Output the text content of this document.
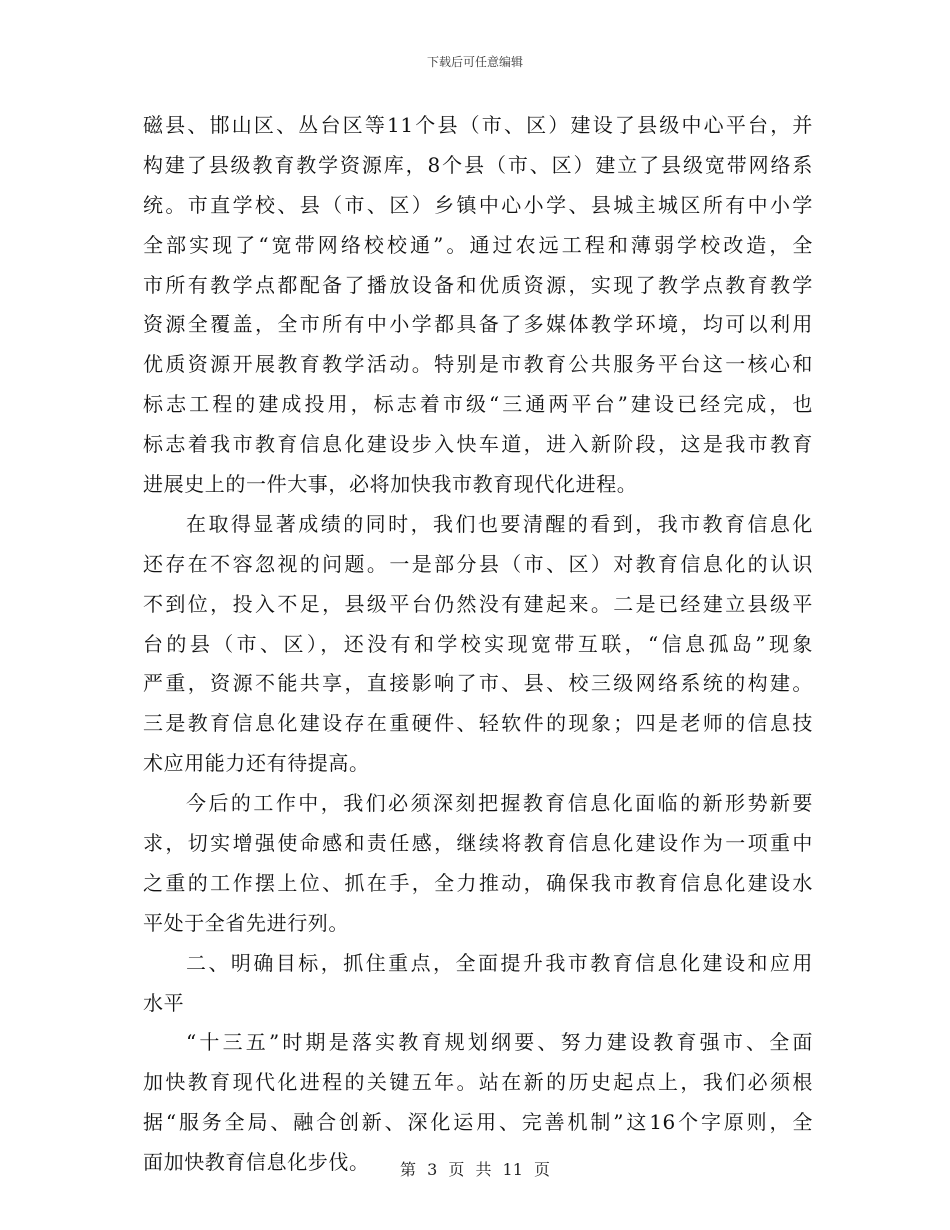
下载后可任意编辑
磁县、邯山区、丛台区等11个县（市、区）建设了县级中心平台，并
构建了县级教育教学资源库，8个县（市、区）建立了县级宽带网络系
统。市直学校、县（市、区）乡镇中心小学、县城主城区所有中小学
全部实现了“宽带网络校校通”。通过农远工程和薄弱学校改造，全
市所有教学点都配备了播放设备和优质资源，实现了教学点教育教学
资源全覆盖，全市所有中小学都具备了多媒体教学环境，均可以利用
优质资源开展教育教学活动。特别是市教育公共服务平台这一核心和
标志工程的建成投用，标志着市级“三通两平台”建设已经完成，也
标志着我市教育信息化建设步入快车道，进入新阶段，这是我市教育
进展史上的一件大事，必将加快我市教育现代化进程。
在取得显著成绩的同时，我们也要清醒的看到，我市教育信息化
还存在不容忽视的问题。一是部分县（市、区）对教育信息化的认识
不到位，投入不足，县级平台仍然没有建起来。二是已经建立县级平
台的县（市、区），还没有和学校实现宽带互联，“信息孤岛”现象
严重，资源不能共享，直接影响了市、县、校三级网络系统的构建。
三是教育信息化建设存在重硬件、轻软件的现象；四是老师的信息技
术应用能力还有待提高。
今后的工作中，我们必须深刻把握教育信息化面临的新形势新要
求，切实增强使命感和责任感，继续将教育信息化建设作为一项重中
之重的工作摆上位、抓在手，全力推动，确保我市教育信息化建设水
平处于全省先进行列。
二、明确目标，抓住重点，全面提升我市教育信息化建设和应用
水平
“十三五”时期是落实教育规划纲要、努力建设教育强市、全面
加快教育现代化进程的关键五年。站在新的历史起点上，我们必须根
据“服务全局、融合创新、深化运用、完善机制”这16个字原则，全
面加快教育信息化步伐。	第 3 页 共 11 页
